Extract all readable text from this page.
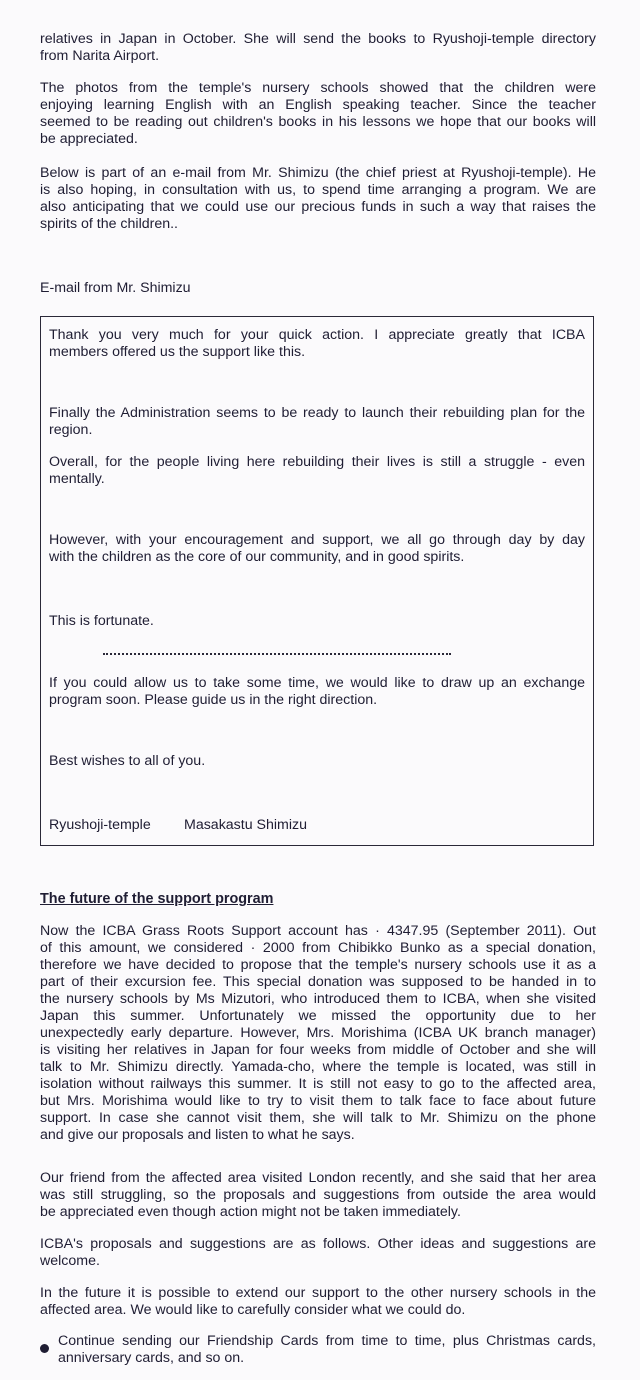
relatives in Japan in October. She will send the books to Ryushoji-temple directory
from Narita Airport.

The photos from the temple's nursery schools showed that the children were
enjoying learning English with an English speaking teacher. Since the teacher
seemed to be reading out children's books in his lessons we hope that our books will
be appreciated.

Below is part of an e-mail from Mr. Shimizu (the chief priest at Ryushoji-temple). He
is also hoping, in consultation with us, to spend time arranging a program. We are
also anticipating that we could use our precious funds in such a way that raises the
spirits of the children..

E-mail from Mr. Shimizu

Thank you very much for your quick action. I appreciate greatly that ICBA
members offered us the support like this.

Finally the Administration seems to be ready to launch their rebuilding plan for the
region.

Overall, for the people living here rebuilding their lives is still a struggle - even
mentally.

However, with your encouragement and support, we all go through day by day
with the children as the core of our community, and in good spirits.

This is fortunate.

If you could allow us to take some time, we would like to draw up an exchange
program soon. Please guide us in the right direction.

Best wishes to all of you.

Ryushoji-temple Masakastu Shimizu

The future of the support program

Now the ICBA Grass Roots Support account has · 4347.95 (September 2011). Out
of this amount, we considered · 2000 from Chibikko Bunko as a special donation,
therefore we have decided to propose that the temple's nursery schools use it as a
part of their excursion fee. This special donation was supposed to be handed in to
the nursery schools by Ms Mizutori, who introduced them to ICBA, when she visited
Japan this summer. Unfortunately we missed the opportunity due to her
unexpectedly early departure. However, Mrs. Morishima (ICBA UK branch manager)
is visiting her relatives in Japan for four weeks from middle of October and she will
talk to Mr. Shimizu directly. Yamada-cho, where the temple is located, was still in
isolation without railways this summer. It is still not easy to go to the affected area,
but Mrs. Morishima would like to try to visit them to talk face to face about future
support. In case she cannot visit them, she will talk to Mr. Shimizu on the phone
and give our proposals and listen to what he says.

Our friend from the affected area visited London recently, and she said that her area
was still struggling, so the proposals and suggestions from outside the area would
be appreciated even though action might not be taken immediately.

ICBA's proposals and suggestions are as follows. Other ideas and suggestions are
welcome.

In the future it is possible to extend our support to the other nursery schools in the
affected area. We would like to carefully consider what we could do.

Continue sending our Friendship Cards from time to time, plus Christmas cards,
anniversary cards, and so on.
